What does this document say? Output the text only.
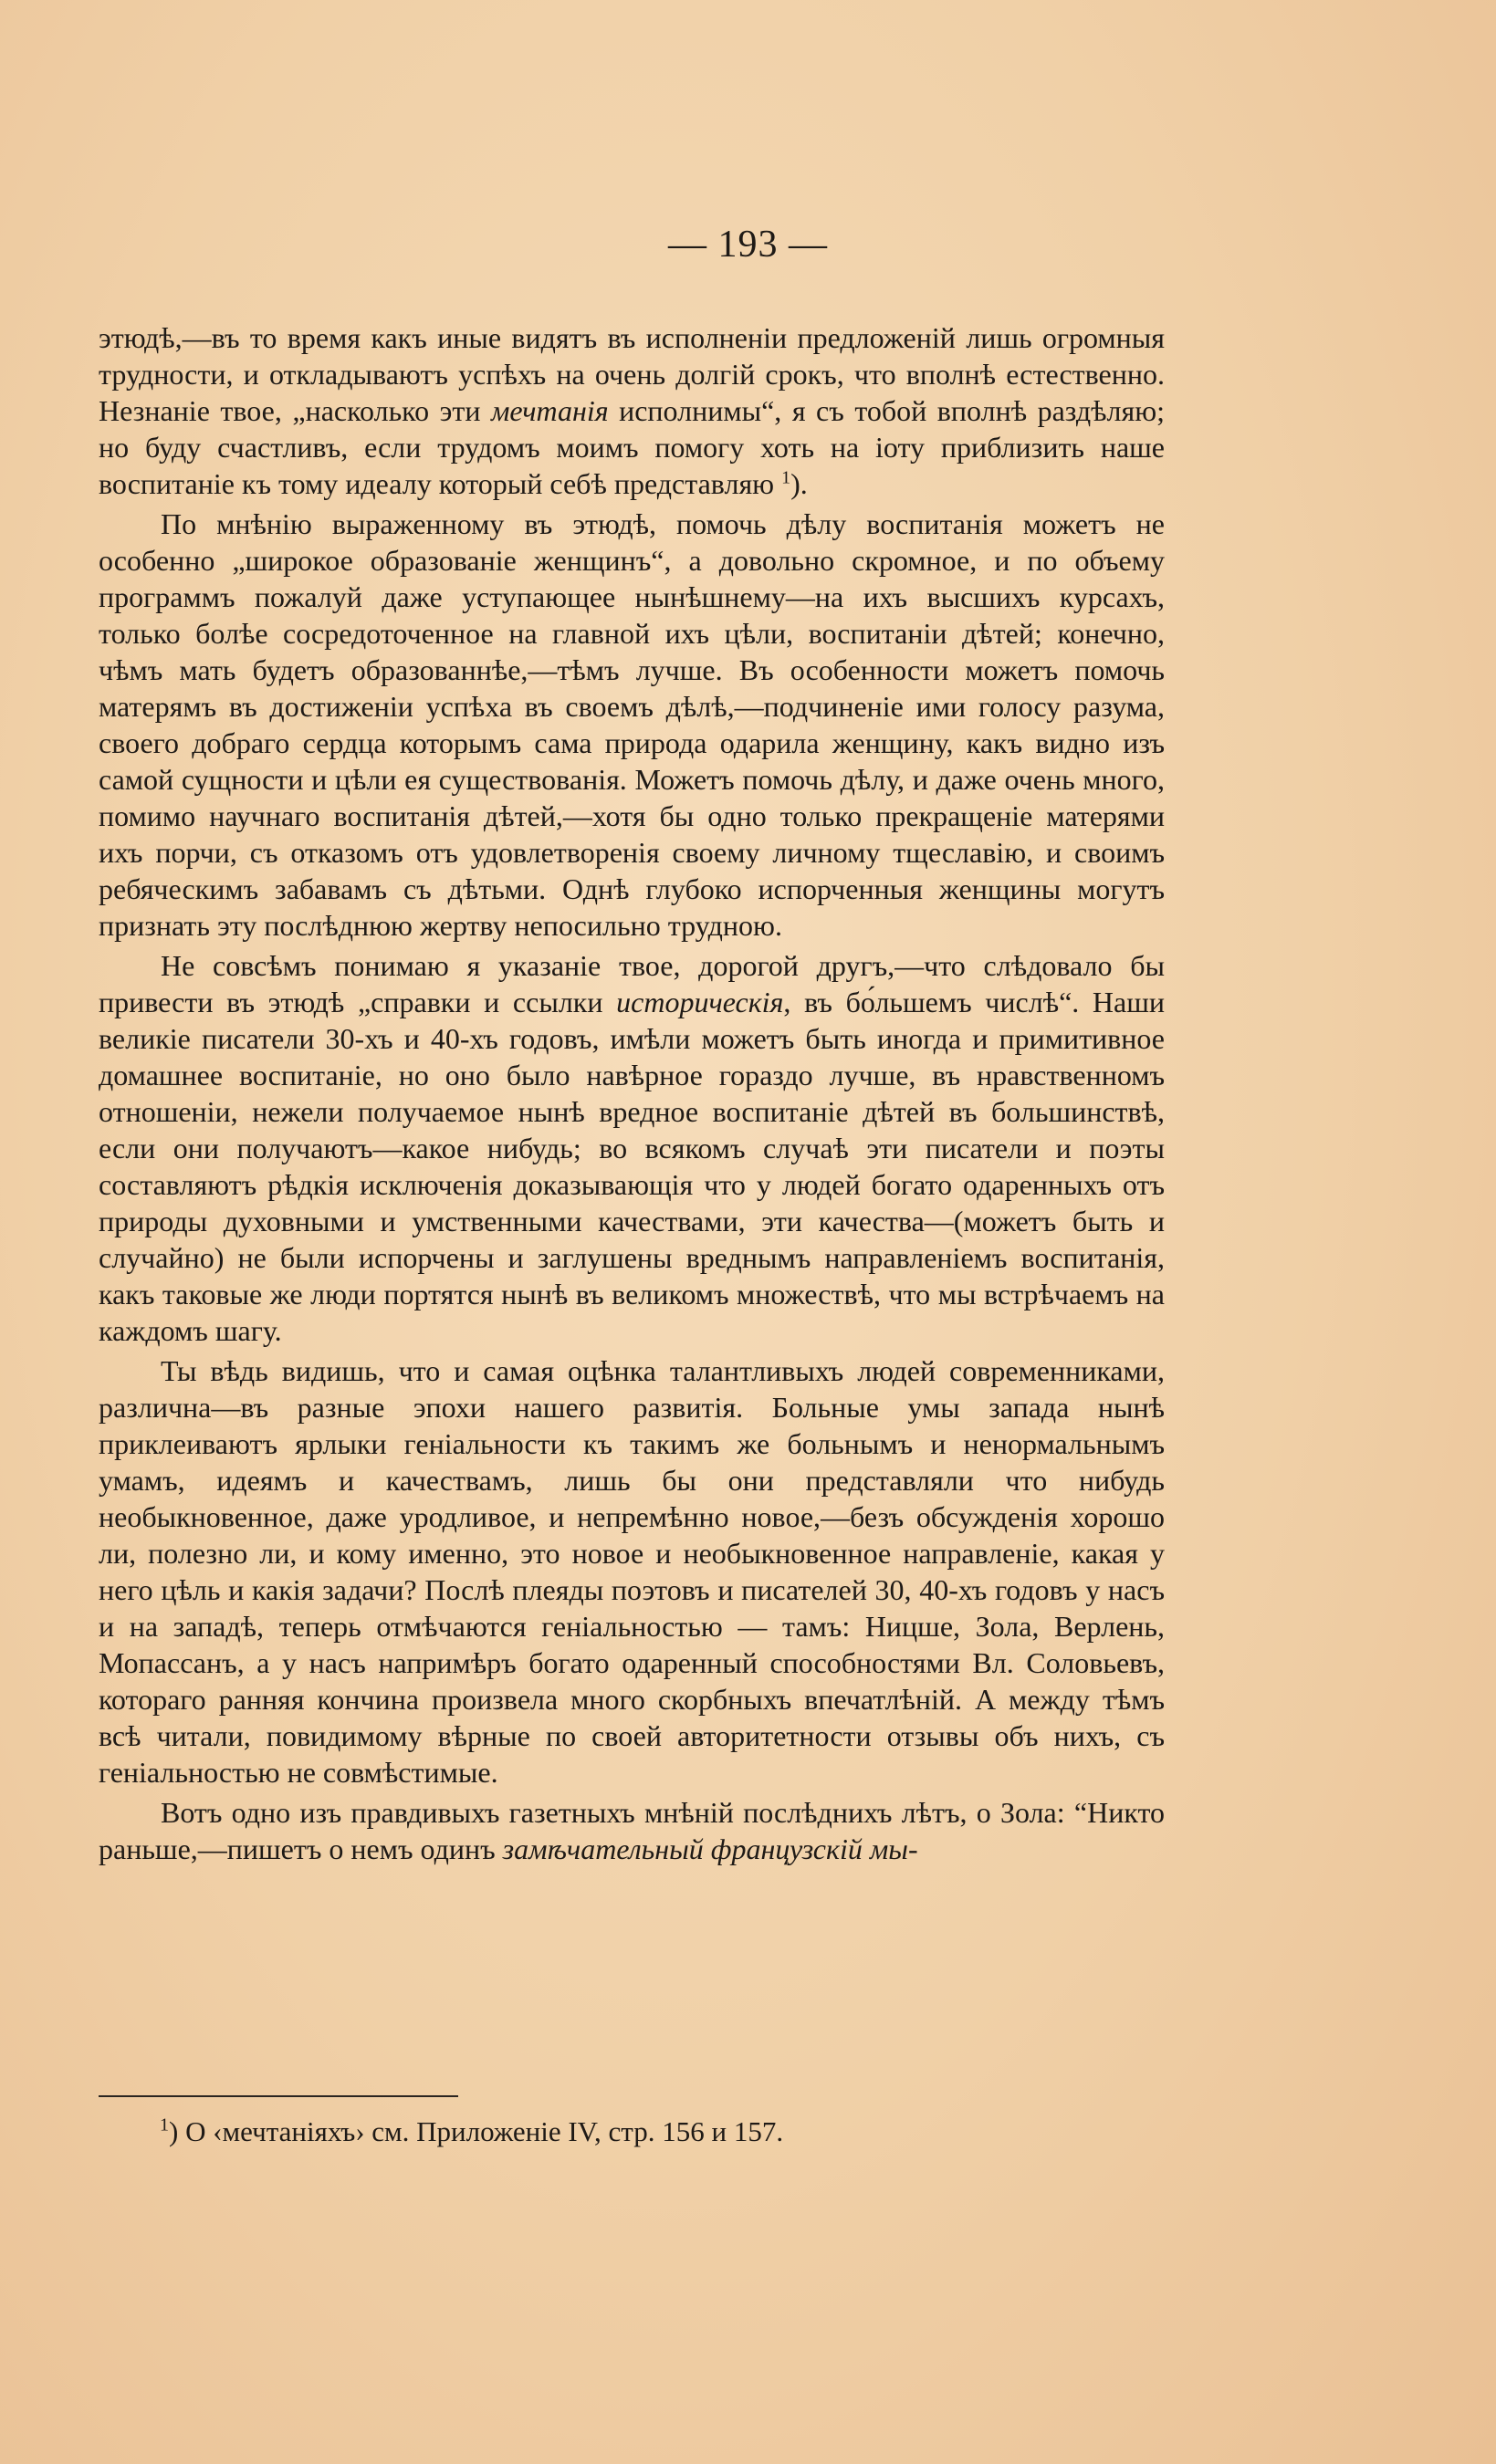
— 193 —

этюдѣ,—въ то время какъ иные видятъ въ исполненіи предложеній лишь огромныя трудности, и откладываютъ успѣхъ на очень долгій срокъ, что вполнѣ естественно. Незнаніе твое, „насколько эти мечтанія исполнимы“, я съ тобой вполнѣ раздѣляю; но буду счастливъ, если трудомъ моимъ помогу хоть на іоту приблизить наше воспитаніе къ тому идеалу который себѣ представляю $^1$).

По мнѣнію выраженному въ этюдѣ, помочь дѣлу воспитанія можетъ не особенно „широкое образованіе женщинъ“, а довольно скромное, и по объему программъ пожалуй даже уступающее нынѣшнему—на ихъ высшихъ курсахъ, только болѣе сосредоточенное на главной ихъ цѣли, воспитаніи дѣтей; конечно, чѣмъ мать будетъ образованнѣе,—тѣмъ лучше. Въ особенности можетъ помочь матерямъ въ достиженіи успѣха въ своемъ дѣлѣ,—подчиненіе ими голосу разума, своего добраго сердца которымъ сама природа одарила женщину, какъ видно изъ самой сущности и цѣли ея существованія. Можетъ помочь дѣлу, и даже очень много, помимо научнаго воспитанія дѣтей,—хотя бы одно только прекращеніе матерями ихъ порчи, съ отказомъ отъ удовлетворенія своему личному тщеславію, и своимъ ребяческимъ забавамъ съ дѣтьми. Однѣ глубоко испорченныя женщины могутъ признать эту послѣднюю жертву непосильно трудною.

Не совсѣмъ понимаю я указаніе твое, дорогой другъ,—что слѣдовало бы привести въ этюдѣ „справки и ссылки историческія, въ бо́льшемъ числѣ“. Наши великіе писатели 30-хъ и 40-хъ годовъ, имѣли можетъ быть иногда и примитивное домашнее воспитаніе, но оно было навѣрное гораздо лучше, въ нравственномъ отношеніи, нежели получаемое нынѣ вредное воспитаніе дѣтей въ большинствѣ, если они получаютъ—какое нибудь; во всякомъ случаѣ эти писатели и поэты составляютъ рѣдкія исключенія доказывающія что у людей богато одаренныхъ отъ природы духовными и умственными качествами, эти качества—(можетъ быть и случайно) не были испорчены и заглушены вреднымъ направленіемъ воспитанія, какъ таковые же люди портятся нынѣ въ великомъ множествѣ, что мы встрѣчаемъ на каждомъ шагу.

Ты вѣдь видишь, что и самая оцѣнка талантливыхъ людей современниками, различна—въ разные эпохи нашего развитія. Больные умы запада нынѣ приклеиваютъ ярлыки геніальности къ такимъ же больнымъ и ненормальнымъ умамъ, идеямъ и качествамъ, лишь бы они представляли что нибудь необыкновенное, даже уродливое, и непремѣнно новое,—безъ обсужденія хорошо ли, полезно ли, и кому именно, это новое и необыкновенное направленіе, какая у него цѣль и какія задачи? Послѣ плеяды поэтовъ и писателей 30, 40-хъ годовъ у насъ и на западѣ, теперь отмѣчаются геніальностью — тамъ: Ницше, Зола, Верлень, Мопассанъ, а у насъ напримѣръ богато одаренный способностями Вл. Соловьевъ, котораго ранняя кончина произвела много скорбныхъ впечатлѣній. А между тѣмъ всѣ читали, повидимому вѣрные по своей авторитетности отзывы объ нихъ, съ геніальностью не совмѣстимые.

Вотъ одно изъ правдивыхъ газетныхъ мнѣній послѣднихъ лѣтъ, о Зола: “Никто раньше,—пишетъ о немъ одинъ замѣчательный французскій мы-

$^1$) О ‹мечтаніяхъ› см. Приложеніе IV, стр. 156 и 157.
